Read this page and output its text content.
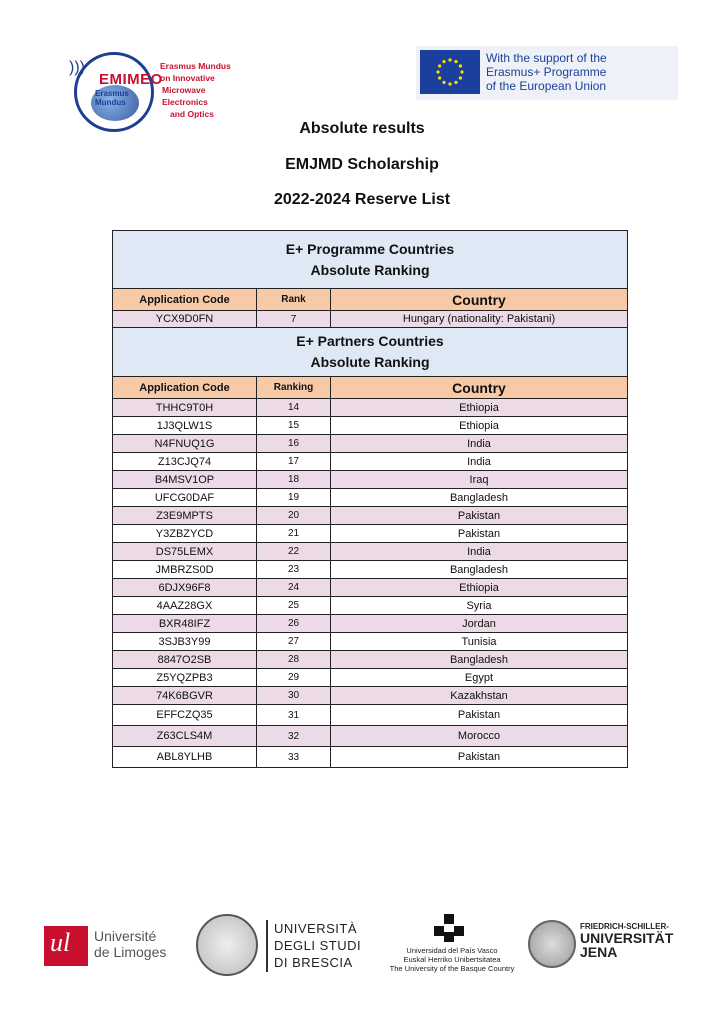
)))
EMIMEO
Erasmus Mundus
Erasmus Mundus
on Innovative
Microwave
Electronics
and Optics
With the support of the
Erasmus+ Programme
of the European Union
Absolute results
EMJMD Scholarship
2022-2024 Reserve List
E+ Programme Countries
Absolute Ranking		

Application Code	Rank	Country
YCX9D0FN	7	Hungary (nationality: Pakistani)
E+ Partners Countries
Absolute Ranking		

Application Code	Ranking	Country
THHC9T0H	14	Ethiopia
1J3QLW1S	15	Ethiopia
N4FNUQ1G	16	India
Z13CJQ74	17	India
B4MSV1OP	18	Iraq
UFCG0DAF	19	Bangladesh
Z3E9MPTS	20	Pakistan
Y3ZBZYCD	21	Pakistan
DS75LEMX	22	India
JMBRZS0D	23	Bangladesh
6DJX96F8	24	Ethiopia
4AAZ28GX	25	Syria
BXR48IFZ	26	Jordan
3SJB3Y99	27	Tunisia
8847O2SB	28	Bangladesh
Z5YQZPB3	29	Egypt
74K6BGVR	30	Kazakhstan
EFFCZQ35	31	Pakistan
Z63CLS4M	32	Morocco
ABL8YLHB	33	Pakistan
ul Université
de Limoges
UNIVERSITÀ
DEGLI STUDI
DI BRESCIA
Universidad del País Vasco
Euskal Herriko Unibertsitatea
The University of the Basque Country
FRIEDRICH-SCHILLER-
UNIVERSITÄT
JENA
